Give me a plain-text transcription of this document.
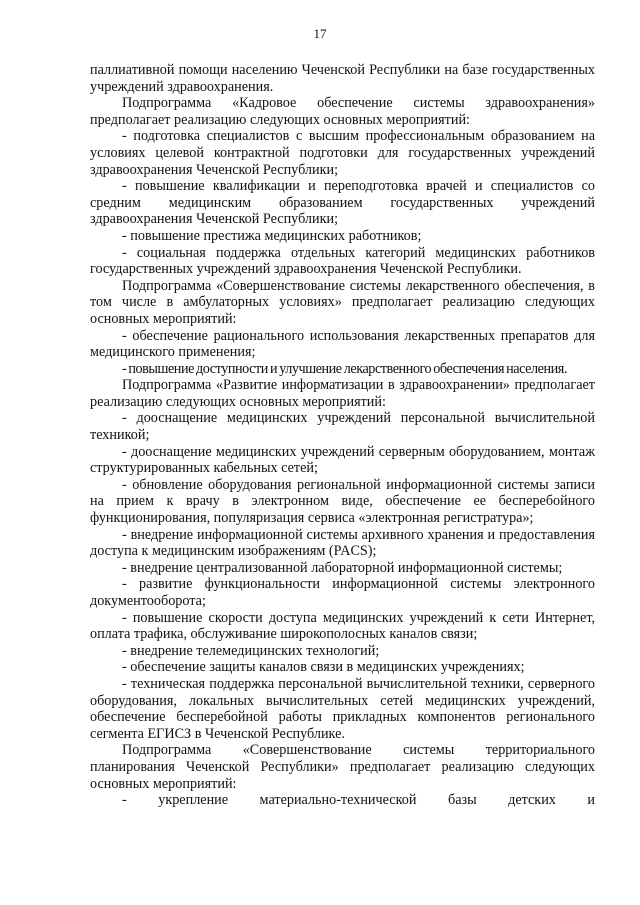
17

паллиативной помощи населению Чеченской Республики на базе государственных учреждений здравоохранения.

Подпрограмма «Кадровое обеспечение системы здравоохранения» предполагает реализацию следующих основных мероприятий:

- подготовка специалистов с высшим профессиональным образованием на условиях целевой контрактной подготовки для государственных учреждений здравоохранения Чеченской Республики;

- повышение квалификации и переподготовка врачей и специалистов со средним медицинским образованием государственных учреждений здравоохранения Чеченской Республики;

- повышение престижа медицинских работников;

- социальная поддержка отдельных категорий медицинских работников государственных учреждений здравоохранения Чеченской Республики.

Подпрограмма «Совершенствование системы лекарственного обеспечения, в том числе в амбулаторных условиях» предполагает реализацию следующих основных мероприятий:

- обеспечение рационального использования лекарственных препаратов для медицинского применения;

- повышение доступности и улучшение лекарственного обеспечения населения.

Подпрограмма «Развитие информатизации в здравоохранении» предполагает реализацию следующих основных мероприятий:

- дооснащение медицинских учреждений персональной вычислительной техникой;

- дооснащение медицинских учреждений серверным оборудованием, монтаж структурированных кабельных сетей;

- обновление оборудования региональной информационной системы записи на прием к врачу в электронном виде, обеспечение ее бесперебойного функционирования, популяризация сервиса «электронная регистратура»;

- внедрение информационной системы архивного хранения и предоставления доступа к медицинским изображениям (PACS);

- внедрение централизованной лабораторной информационной системы;

- развитие функциональности информационной системы электронного документооборота;

- повышение скорости доступа медицинских учреждений к сети Интернет, оплата трафика, обслуживание широкополосных каналов связи;

- внедрение телемедицинских технологий;

- обеспечение защиты каналов связи в медицинских учреждениях;

- техническая поддержка персональной вычислительной техники, серверного оборудования, локальных вычислительных сетей медицинских учреждений, обеспечение бесперебойной работы прикладных компонентов регионального сегмента ЕГИСЗ в Чеченской Республике.

Подпрограмма «Совершенствование системы территориального планирования Чеченской Республики» предполагает реализацию следующих основных мероприятий:

- укрепление материально-технической базы детских и
